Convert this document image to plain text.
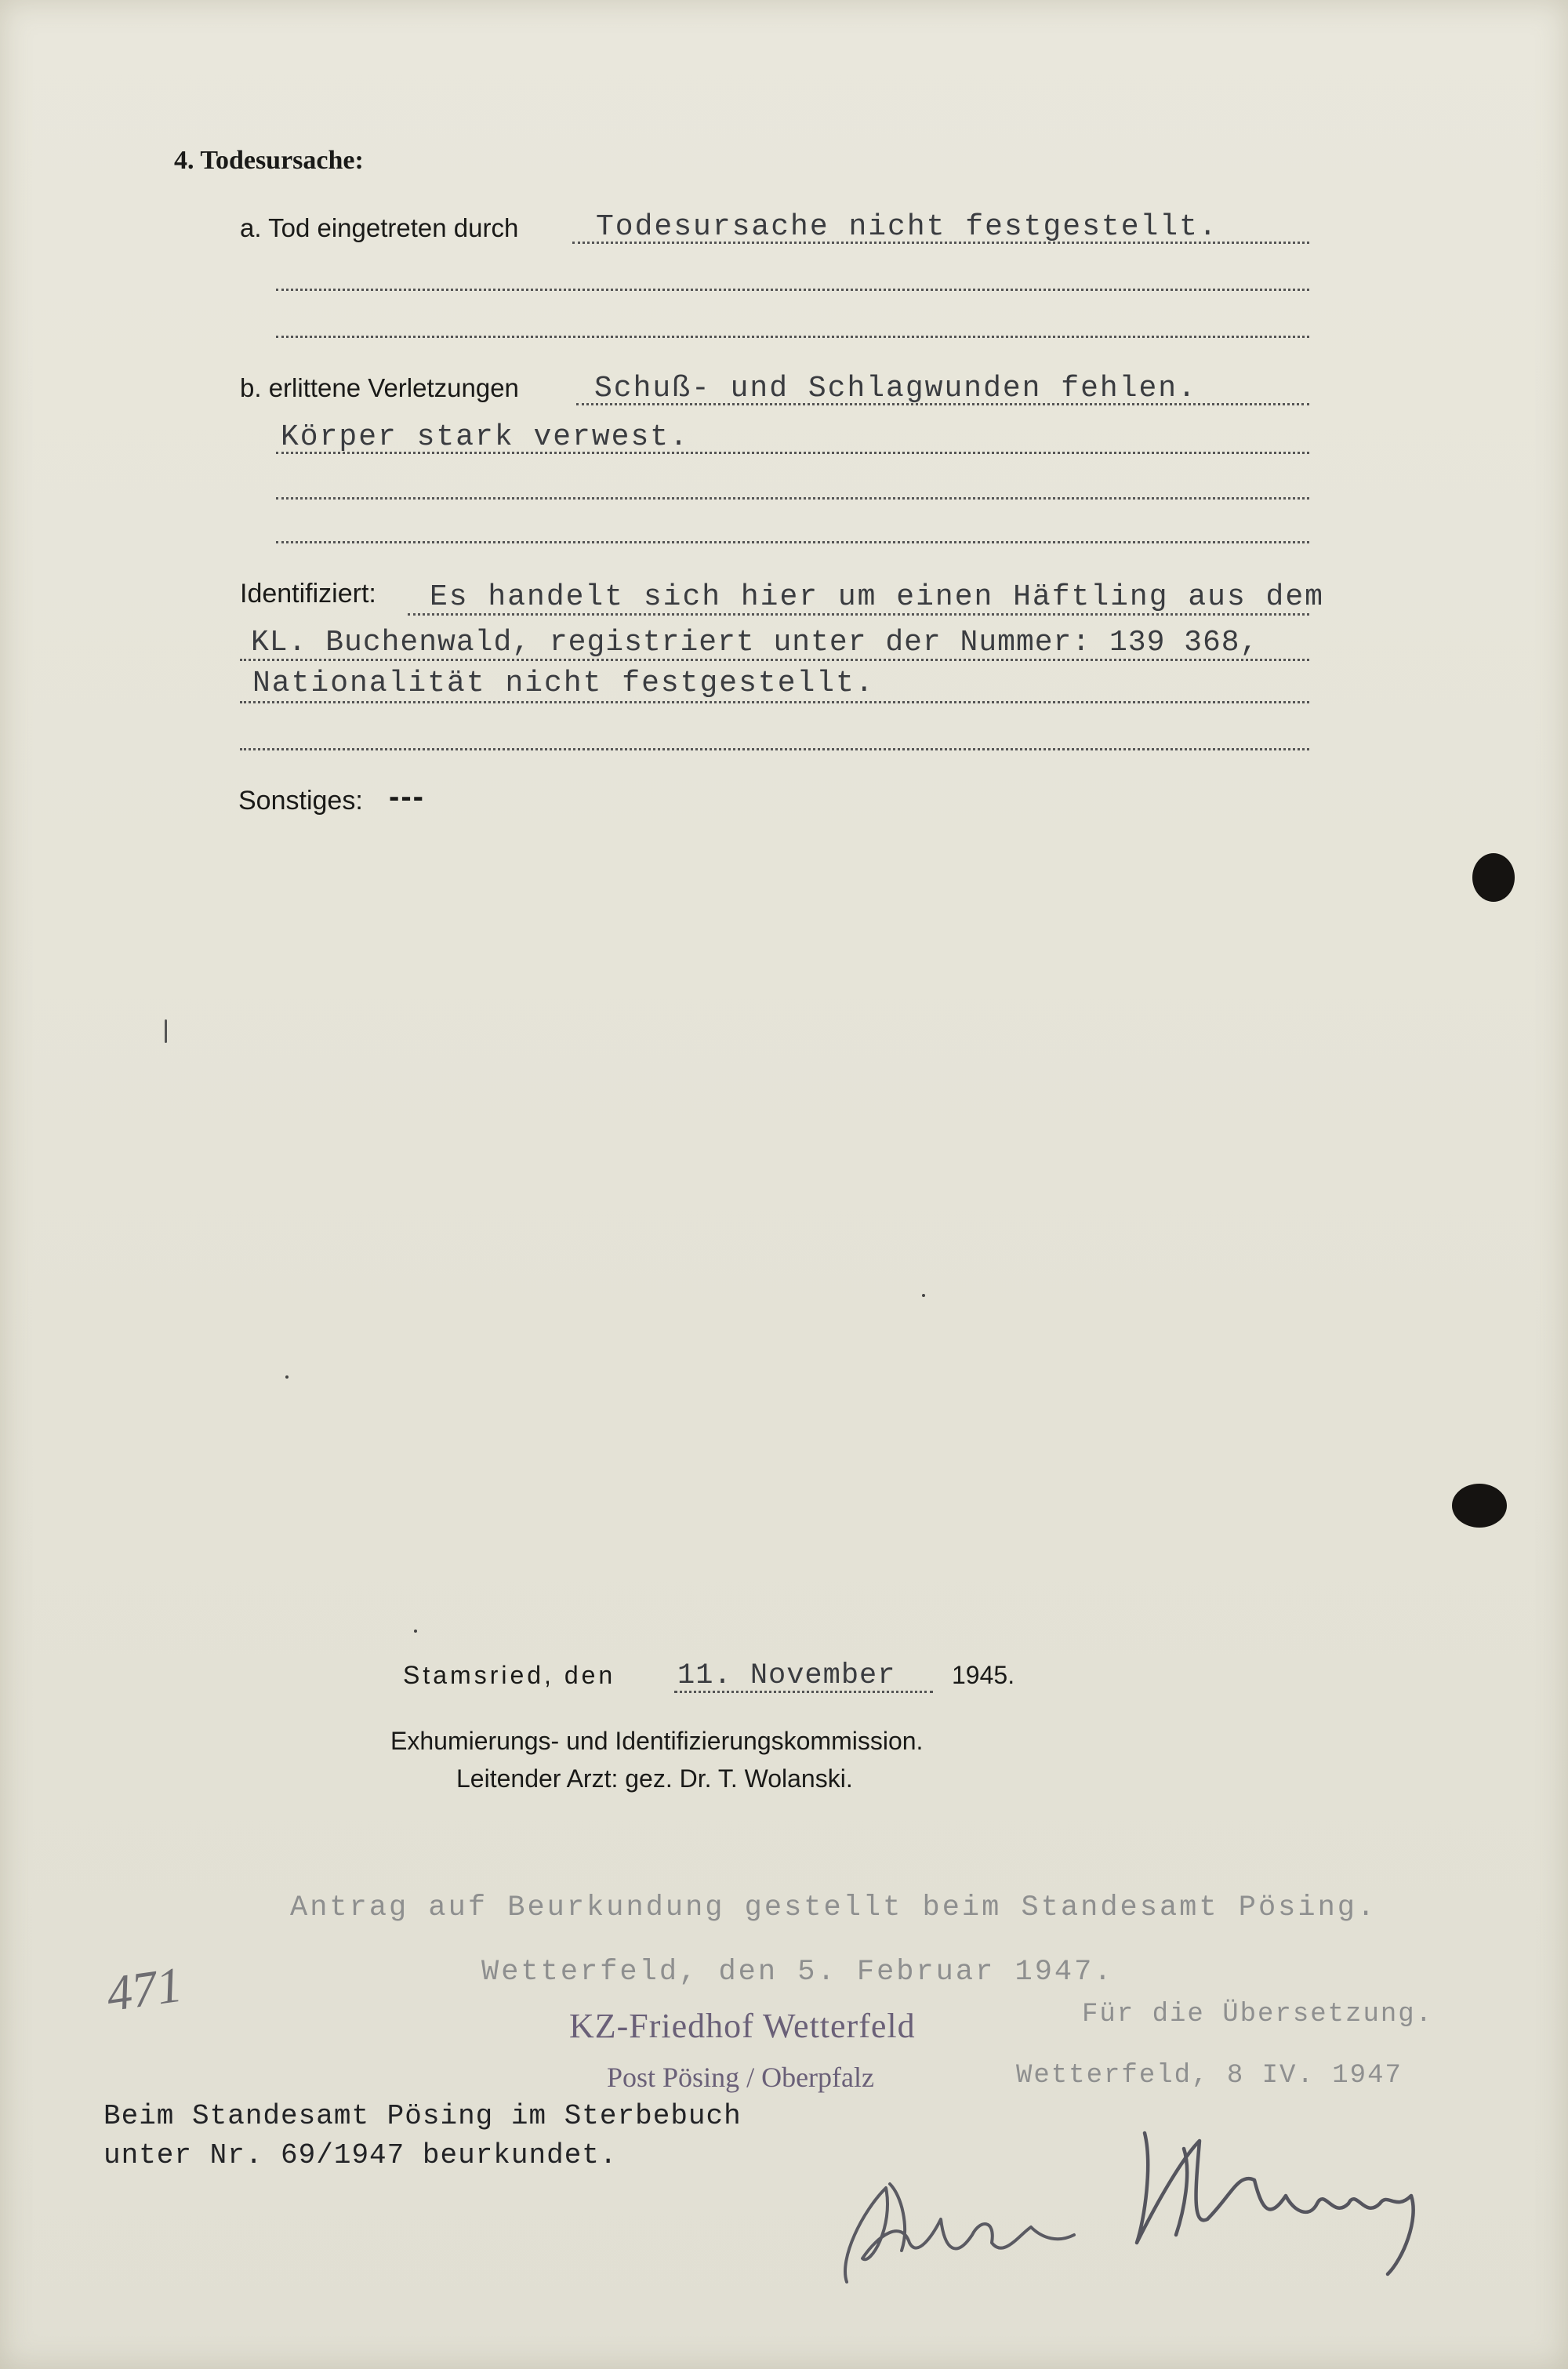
4. Todesursache:
a. Tod eingetreten durch	Todesursache nicht festgestellt.
b. erlittene Verletzungen	Schuß- und Schlagwunden fehlen.
Körper stark verwest.
Identifiziert: Es handelt sich hier um einen Häftling aus dem
KL. Buchenwald, registriert unter der Nummer: 139 368,
Nationalität nicht festgestellt.
Sonstiges: ---
Stamsried, den 11. November 1945.
Exhumierungs- und Identifizierungskommission.
Leitender Arzt: gez. Dr. T. Wolanski.
Antrag auf Beurkundung gestellt beim Standesamt Pösing.
Wetterfeld, den 5. Februar 1947.
KZ-Friedhof Wetterfeld
Post Pösing / Oberpfalz
Für die Übersetzung.
Wetterfeld, 8 IV. 1947
Beim Standesamt Pösing im Sterbebuch
unter Nr. 69/1947 beurkundet.
471
